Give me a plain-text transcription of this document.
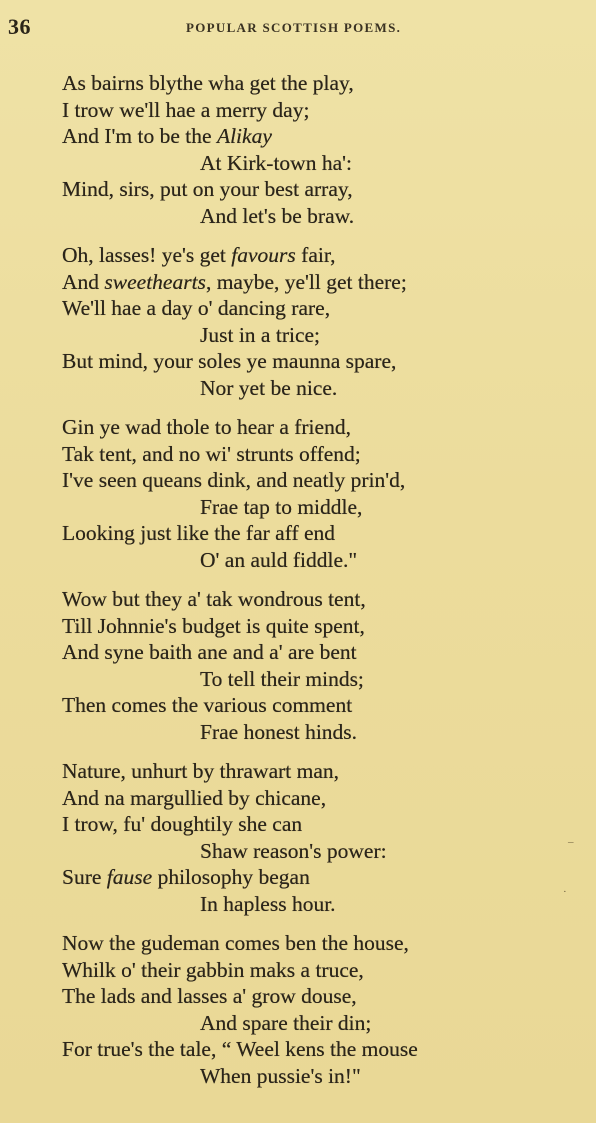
36	POPULAR SCOTTISH POEMS.
As bairns blythe wha get the play,
I trow we'll hae a merry day;
And I'm to be the Alikay
At Kirk-town ha':
Mind, sirs, put on your best array,
And let's be braw.
Oh, lasses! ye's get favours fair,
And sweethearts, maybe, ye'll get there;
We'll hae a day o' dancing rare,
Just in a trice;
But mind, your soles ye maunna spare,
Nor yet be nice.
Gin ye wad thole to hear a friend,
Tak tent, and no wi' strunts offend;
I've seen queans dink, and neatly prin'd,
Frae tap to middle,
Looking just like the far aff end
O' an auld fiddle."
Wow but they a' tak wondrous tent,
Till Johnnie's budget is quite spent,
And syne baith ane and a' are bent
To tell their minds;
Then comes the various comment
Frae honest hinds.
Nature, unhurt by thrawart man,
And na margullied by chicane,
I trow, fu' doughtily she can
Shaw reason's power:
Sure fause philosophy began
In hapless hour.
Now the gudeman comes ben the house,
Whilk o' their gabbin maks a truce,
The lads and lasses a' grow douse,
And spare their din;
For true's the tale, “ Weel kens the mouse
When pussie's in!"
–
·
